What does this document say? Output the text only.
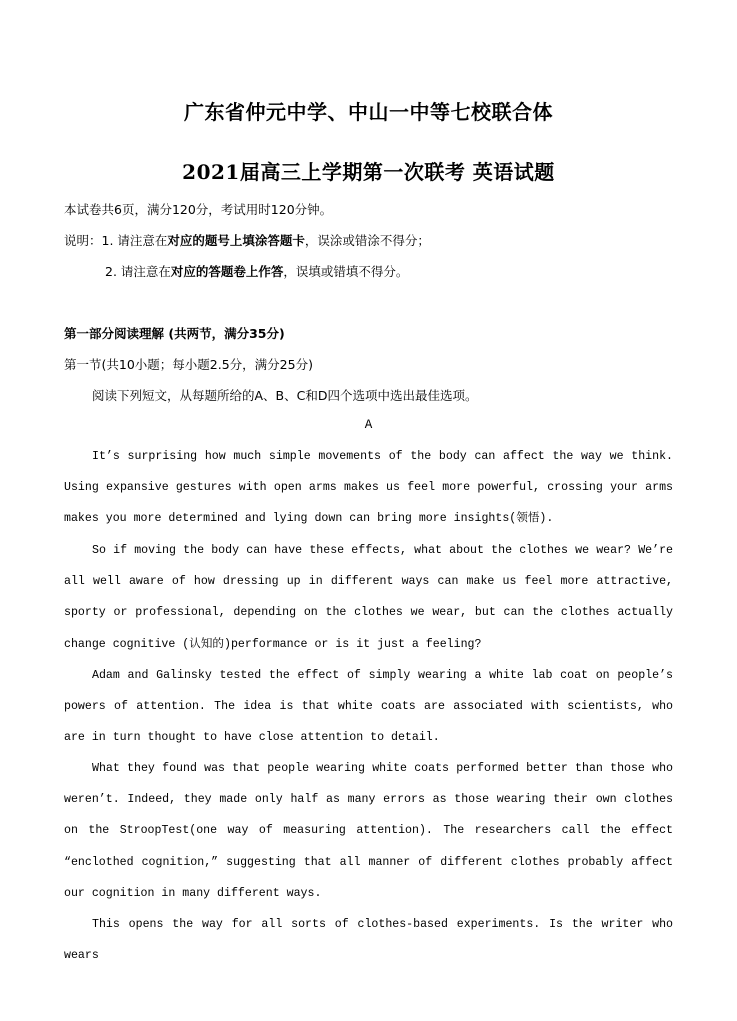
广东省仲元中学、中山一中等七校联合体
2021届高三上学期第一次联考 英语试题
本试卷共6页，满分120分，考试用时120分钟。
说明：1. 请注意在对应的题号上填涂答题卡，误涂或错涂不得分；
2. 请注意在对应的答题卷上作答，误填或错填不得分。
第一部分阅读理解 (共两节，满分35分)
第一节(共10小题；每小题2.5分，满分25分)
阅读下列短文，从每题所给的A、B、C和D四个选项中选出最佳选项。
A

It’s surprising how much simple movements of the body can affect the way we think. Using expansive gestures with open arms makes us feel more powerful, crossing your arms makes you more determined and lying down can bring more insights(领悟).

So if moving the body can have these effects, what about the clothes we wear? We’re all well aware of how dressing up in different ways can make us feel more attractive, sporty or professional, depending on the clothes we wear, but can the clothes actually change cognitive (认知的)performance or is it just a feeling?

Adam and Galinsky tested the effect of simply wearing a white lab coat on people’s powers of attention. The idea is that white coats are associated with scientists, who are in turn thought to have close attention to detail.

What they found was that people wearing white coats performed better than those who weren’t. Indeed, they made only half as many errors as those wearing their own clothes on the StroopTest(one way of measuring attention). The researchers call the effect “enclothed cognition,” suggesting that all manner of different clothes probably affect our cognition in many different ways.

This opens the way for all sorts of clothes-based experiments. Is the writer who wears
